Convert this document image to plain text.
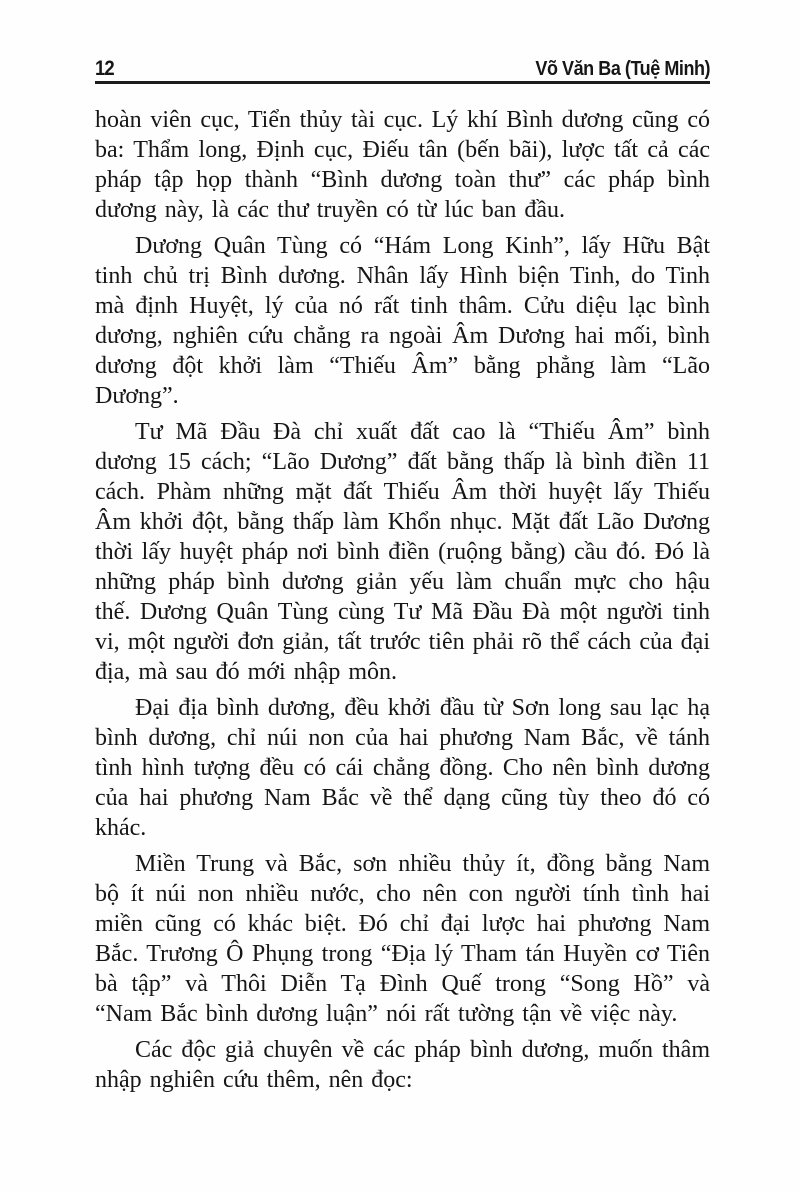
12	Võ Văn Ba (Tuệ Minh)

hoàn viên cục, Tiển thủy tài cục. Lý khí Bình dương cũng có ba: Thẩm long, Định cục, Điếu tân (bến bãi), lược tất cả các pháp tập họp thành “Bình dương toàn thư” các pháp bình dương này, là các thư truyền có từ lúc ban đầu.

Dương Quân Tùng có “Hám Long Kinh”, lấy Hữu Bật tinh chủ trị Bình dương. Nhân lấy Hình biện Tinh, do Tinh mà định Huyệt, lý của nó rất tinh thâm. Cửu diệu lạc bình dương, nghiên cứu chẳng ra ngoài Âm Dương hai mối, bình dương đột khởi làm “Thiếu Âm” bằng phẳng làm “Lão Dương”.

Tư Mã Đầu Đà chỉ xuất đất cao là “Thiếu Âm” bình dương 15 cách; “Lão Dương” đất bằng thấp là bình điền 11 cách. Phàm những mặt đất Thiếu Âm thời huyệt lấy Thiếu Âm khởi đột, bằng thấp làm Khổn nhục. Mặt đất Lão Dương thời lấy huyệt pháp nơi bình điền (ruộng bằng) cầu đó. Đó là những pháp bình dương giản yếu làm chuẩn mực cho hậu thế. Dương Quân Tùng cùng Tư Mã Đầu Đà một người tinh vi, một người đơn giản, tất trước tiên phải rõ thể cách của đại địa, mà sau đó mới nhập môn.

Đại địa bình dương, đều khởi đầu từ Sơn long sau lạc hạ bình dương, chỉ núi non của hai phương Nam Bắc, về tánh tình hình tượng đều có cái chẳng đồng. Cho nên bình dương của hai phương Nam Bắc về thể dạng cũng tùy theo đó có khác.

Miền Trung và Bắc, sơn nhiều thủy ít, đồng bằng Nam bộ ít núi non nhiều nước, cho nên con người tính tình hai miền cũng có khác biệt. Đó chỉ đại lược hai phương Nam Bắc. Trương Ô Phụng trong “Địa lý Tham tán Huyền cơ Tiên bà tập” và Thôi Diễn Tạ Đình Quế trong “Song Hồ” và “Nam Bắc bình dương luận” nói rất tường tận về việc này.

Các độc giả chuyên về các pháp bình dương, muốn thâm nhập nghiên cứu thêm, nên đọc:
